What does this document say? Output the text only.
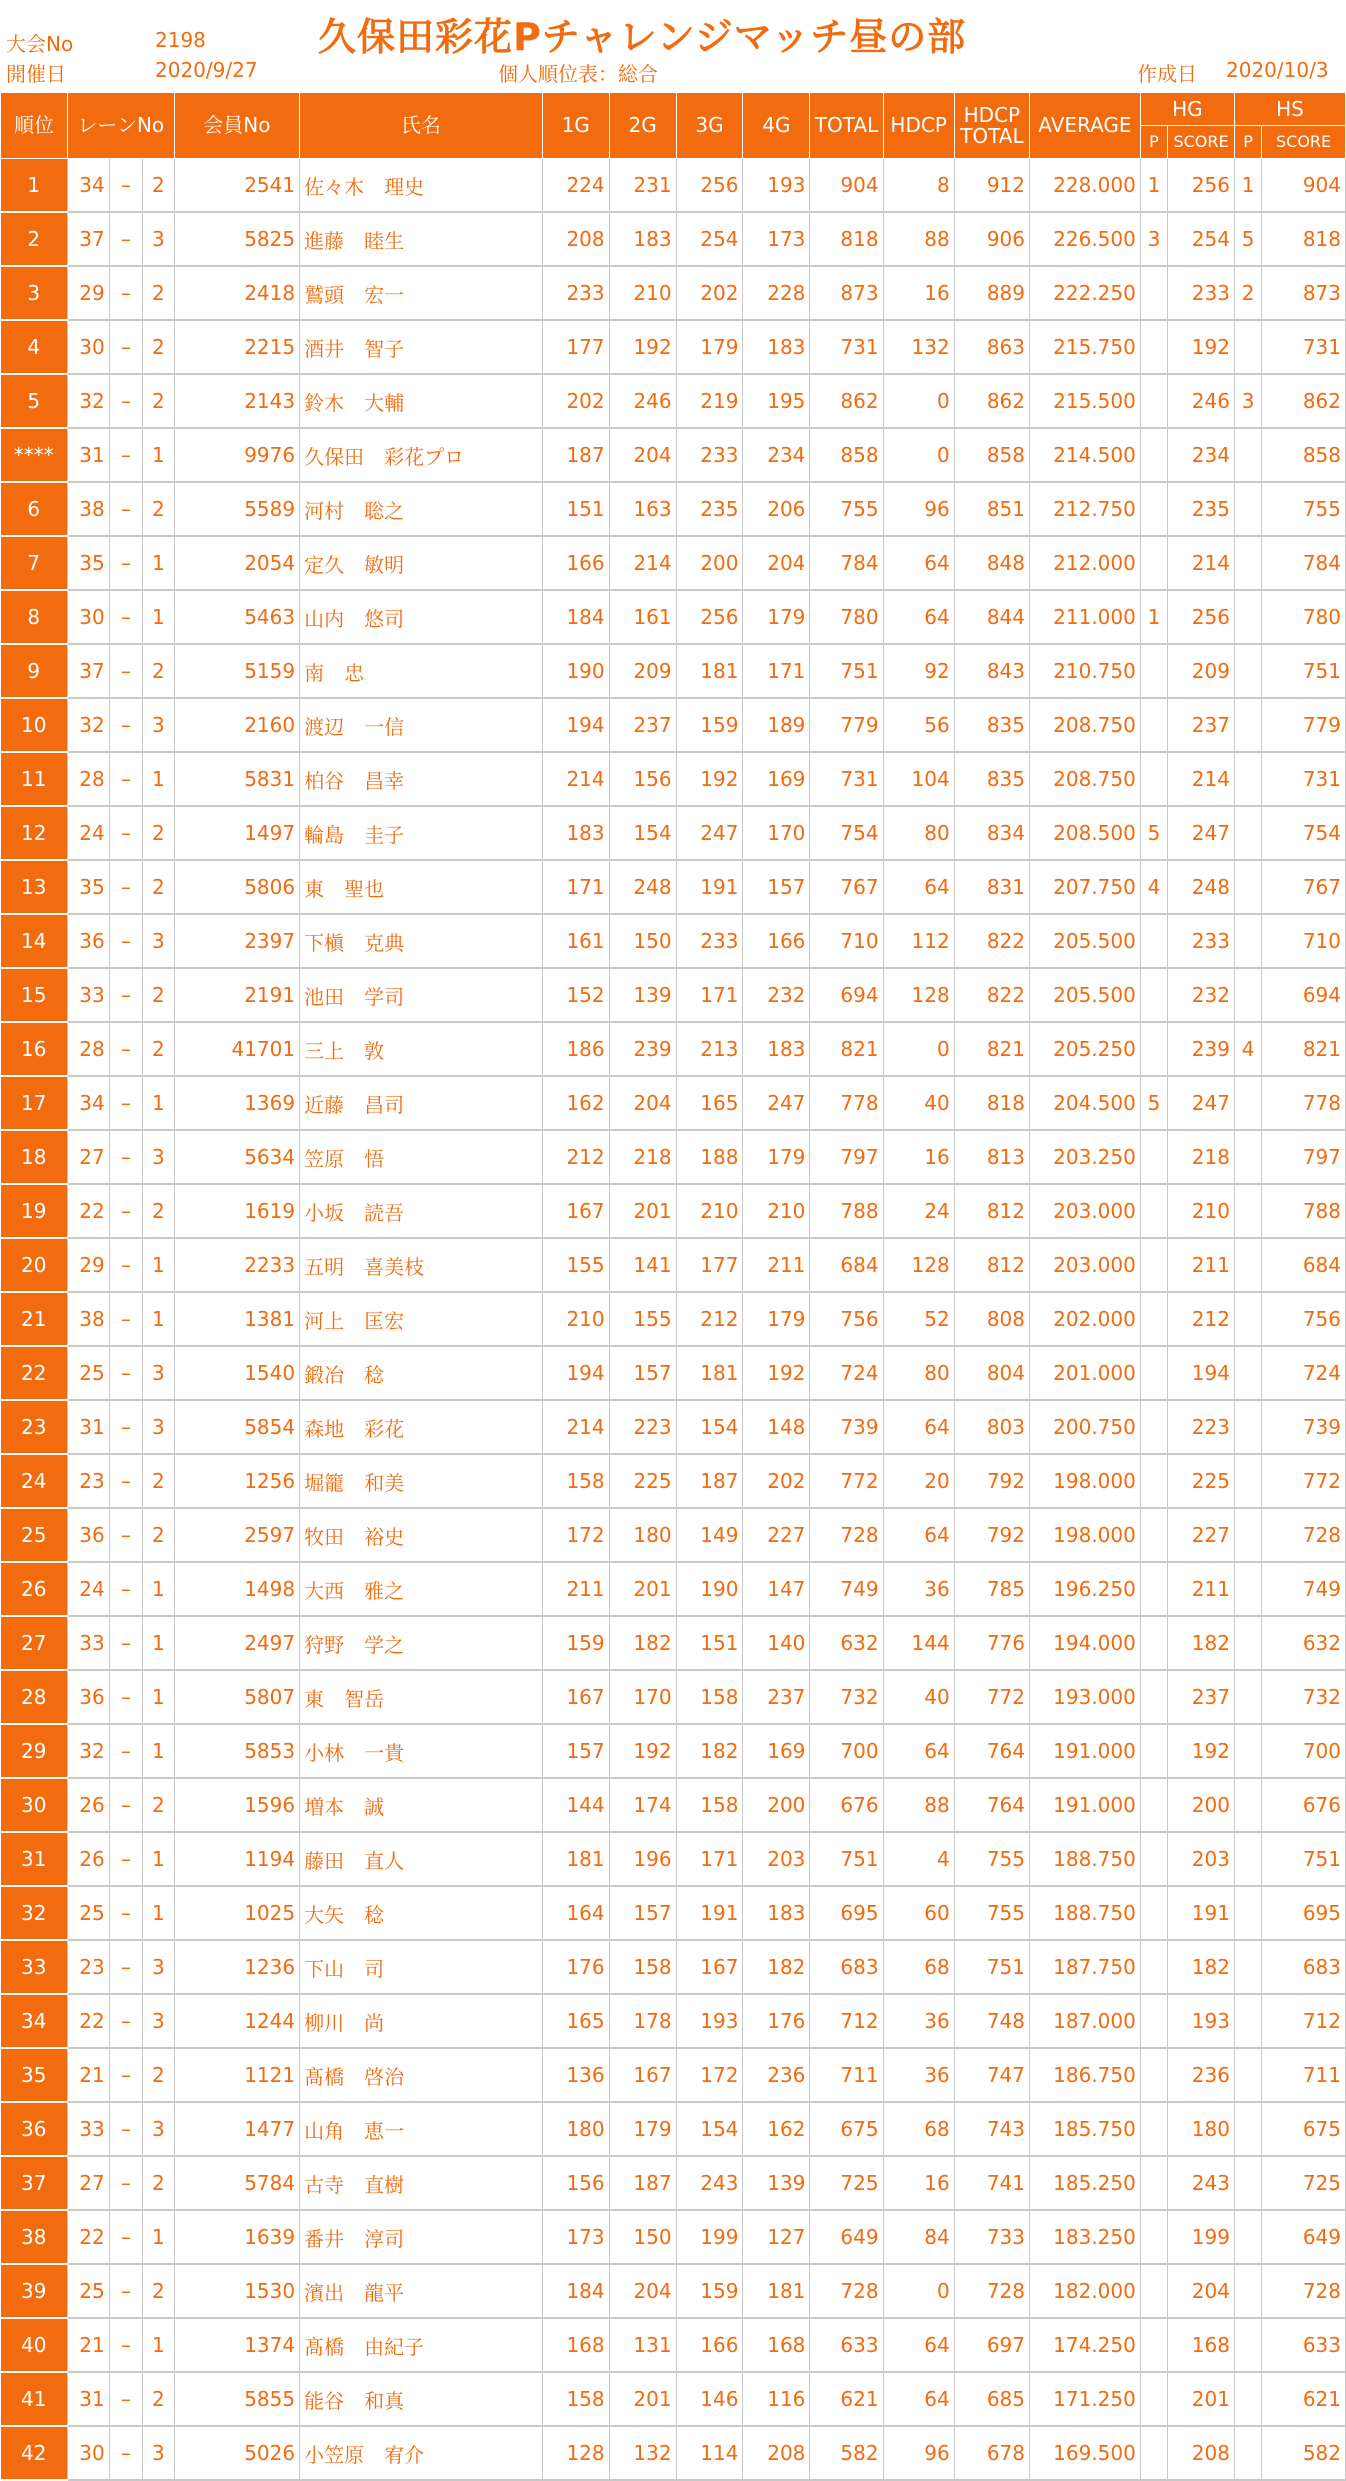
大会No	2198	久保田彩花Pチャレンジマッチ昼の部
開催日	2020/9/27	個人順位表：総合	作成日 2020/10/3
順位	レーンNo			会員No	氏名	1G	2G	3G	4G	TOTAL	HDCP	HDCP
TOTAL	AVERAGE	HG		HS	
														P	SCORE	P	SCORE
1	34	–	2	2541	佐々木　理史	224	231	256	193	904	8	912	228.000	1	256	1	904
2	37	–	3	5825	進藤　睦生	208	183	254	173	818	88	906	226.500	3	254	5	818
3	29	–	2	2418	鷲頭　宏一	233	210	202	228	873	16	889	222.250		233	2	873
4	30	–	2	2215	酒井　智子	177	192	179	183	731	132	863	215.750		192		731
5	32	–	2	2143	鈴木　大輔	202	246	219	195	862	0	862	215.500		246	3	862
****	31	–	1	9976	久保田　彩花プロ	187	204	233	234	858	0	858	214.500		234		858
6	38	–	2	5589	河村　聡之	151	163	235	206	755	96	851	212.750		235		755
7	35	–	1	2054	定久　敏明	166	214	200	204	784	64	848	212.000		214		784
8	30	–	1	5463	山内　悠司	184	161	256	179	780	64	844	211.000	1	256		780
9	37	–	2	5159	南　忠	190	209	181	171	751	92	843	210.750		209		751
10	32	–	3	2160	渡辺　一信	194	237	159	189	779	56	835	208.750		237		779
11	28	–	1	5831	柏谷　昌幸	214	156	192	169	731	104	835	208.750		214		731
12	24	–	2	1497	輪島　圭子	183	154	247	170	754	80	834	208.500	5	247		754
13	35	–	2	5806	東　聖也	171	248	191	157	767	64	831	207.750	4	248		767
14	36	–	3	2397	下槇　克典	161	150	233	166	710	112	822	205.500		233		710
15	33	–	2	2191	池田　学司	152	139	171	232	694	128	822	205.500		232		694
16	28	–	2	41701	三上　敦	186	239	213	183	821	0	821	205.250		239	4	821
17	34	–	1	1369	近藤　昌司	162	204	165	247	778	40	818	204.500	5	247		778
18	27	–	3	5634	笠原　悟	212	218	188	179	797	16	813	203.250		218		797
19	22	–	2	1619	小坂　読吾	167	201	210	210	788	24	812	203.000		210		788
20	29	–	1	2233	五明　喜美枝	155	141	177	211	684	128	812	203.000		211		684
21	38	–	1	1381	河上　匡宏	210	155	212	179	756	52	808	202.000		212		756
22	25	–	3	1540	鍛冶　稔	194	157	181	192	724	80	804	201.000		194		724
23	31	–	3	5854	森地　彩花	214	223	154	148	739	64	803	200.750		223		739
24	23	–	2	1256	堀籠　和美	158	225	187	202	772	20	792	198.000		225		772
25	36	–	2	2597	牧田　裕史	172	180	149	227	728	64	792	198.000		227		728
26	24	–	1	1498	大西　雅之	211	201	190	147	749	36	785	196.250		211		749
27	33	–	1	2497	狩野　学之	159	182	151	140	632	144	776	194.000		182		632
28	36	–	1	5807	東　智岳	167	170	158	237	732	40	772	193.000		237		732
29	32	–	1	5853	小林　一貴	157	192	182	169	700	64	764	191.000		192		700
30	26	–	2	1596	増本　誠	144	174	158	200	676	88	764	191.000		200		676
31	26	–	1	1194	藤田　直人	181	196	171	203	751	4	755	188.750		203		751
32	25	–	1	1025	大矢　稔	164	157	191	183	695	60	755	188.750		191		695
33	23	–	3	1236	下山　司	176	158	167	182	683	68	751	187.750		182		683
34	22	–	3	1244	柳川　尚	165	178	193	176	712	36	748	187.000		193		712
35	21	–	2	1121	髙橋　啓治	136	167	172	236	711	36	747	186.750		236		711
36	33	–	3	1477	山角　恵一	180	179	154	162	675	68	743	185.750		180		675
37	27	–	2	5784	古寺　直樹	156	187	243	139	725	16	741	185.250		243		725
38	22	–	1	1639	番井　淳司	173	150	199	127	649	84	733	183.250		199		649
39	25	–	2	1530	濱出　龍平	184	204	159	181	728	0	728	182.000		204		728
40	21	–	1	1374	髙橋　由紀子	168	131	166	168	633	64	697	174.250		168		633
41	31	–	2	5855	能谷　和真	158	201	146	116	621	64	685	171.250		201		621
42	30	–	3	5026	小笠原　宥介	128	132	114	208	582	96	678	169.500		208		582
